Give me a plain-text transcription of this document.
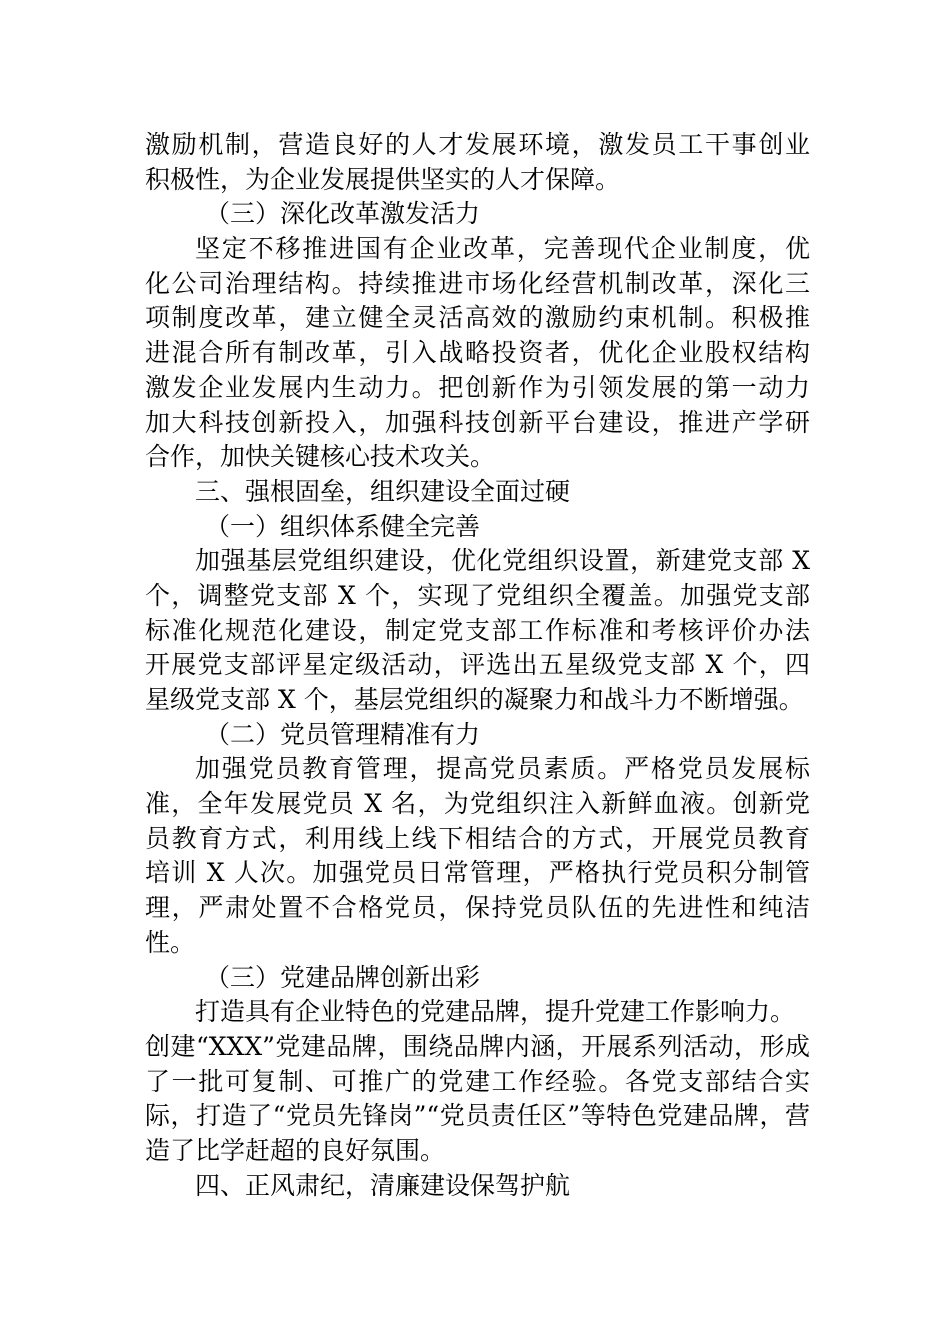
激励机制，营造良好的人才发展环境，激发员工干事创业
积极性，为企业发展提供坚实的人才保障。
（三）深化改革激发活力
坚定不移推进国有企业改革，完善现代企业制度，优
化公司治理结构。持续推进市场化经营机制改革，深化三
项制度改革，建立健全灵活高效的激励约束机制。积极推
进混合所有制改革，引入战略投资者，优化企业股权结构
激发企业发展内生动力。把创新作为引领发展的第一动力
加大科技创新投入，加强科技创新平台建设，推进产学研
合作，加快关键核心技术攻关。
三、强根固垒，组织建设全面过硬
（一）组织体系健全完善
加强基层党组织建设，优化党组织设置，新建党支部 X
个，调整党支部 X 个，实现了党组织全覆盖。加强党支部
标准化规范化建设，制定党支部工作标准和考核评价办法
开展党支部评星定级活动，评选出五星级党支部 X 个，四
星级党支部 X 个，基层党组织的凝聚力和战斗力不断增强。
（二）党员管理精准有力
加强党员教育管理，提高党员素质。严格党员发展标
准，全年发展党员 X 名，为党组织注入新鲜血液。创新党
员教育方式，利用线上线下相结合的方式，开展党员教育
培训 X 人次。加强党员日常管理，严格执行党员积分制管
理，严肃处置不合格党员，保持党员队伍的先进性和纯洁
性。
（三）党建品牌创新出彩
打造具有企业特色的党建品牌，提升党建工作影响力。
创建“XXX”党建品牌，围绕品牌内涵，开展系列活动，形成
了一批可复制、可推广的党建工作经验。各党支部结合实
际，打造了“党员先锋岗”“党员责任区”等特色党建品牌，营
造了比学赶超的良好氛围。
四、正风肃纪，清廉建设保驾护航
